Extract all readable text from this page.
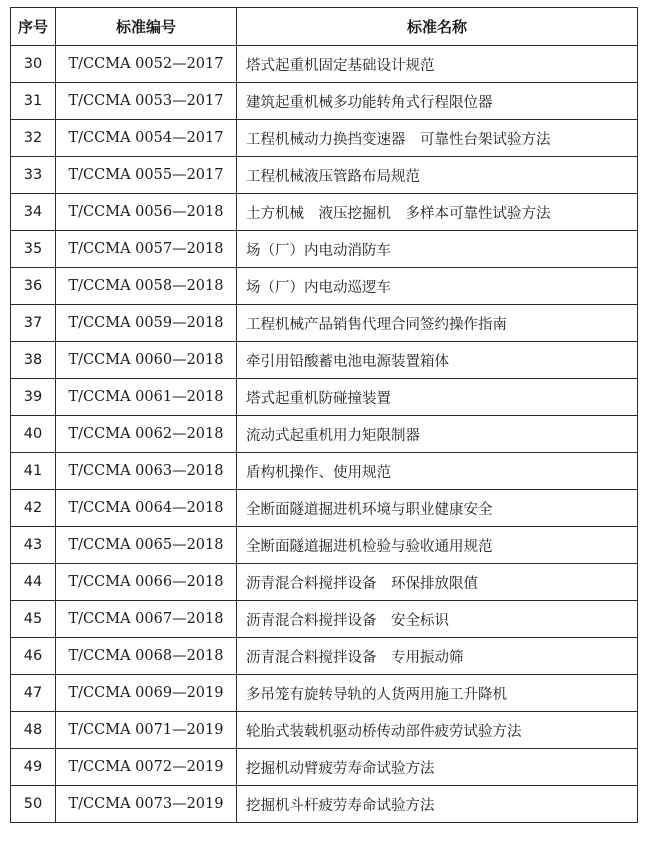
序号	标准编号	标准名称
30	T/CCMA 0052—2017	塔式起重机固定基础设计规范
31	T/CCMA 0053—2017	建筑起重机械多功能转角式行程限位器
32	T/CCMA 0054—2017	工程机械动力换挡变速器　可靠性台架试验方法
33	T/CCMA 0055—2017	工程机械液压管路布局规范
34	T/CCMA 0056—2018	土方机械　液压挖掘机　多样本可靠性试验方法
35	T/CCMA 0057—2018	场（厂）内电动消防车
36	T/CCMA 0058—2018	场（厂）内电动巡逻车
37	T/CCMA 0059—2018	工程机械产品销售代理合同签约操作指南
38	T/CCMA 0060—2018	牵引用铅酸蓄电池电源装置箱体
39	T/CCMA 0061—2018	塔式起重机防碰撞装置
40	T/CCMA 0062—2018	流动式起重机用力矩限制器
41	T/CCMA 0063—2018	盾构机操作、使用规范
42	T/CCMA 0064—2018	全断面隧道掘进机环境与职业健康安全
43	T/CCMA 0065—2018	全断面隧道掘进机检验与验收通用规范
44	T/CCMA 0066—2018	沥青混合料搅拌设备　环保排放限值
45	T/CCMA 0067—2018	沥青混合料搅拌设备　安全标识
46	T/CCMA 0068—2018	沥青混合料搅拌设备　专用振动筛
47	T/CCMA 0069—2019	多吊笼有旋转导轨的人货两用施工升降机
48	T/CCMA 0071—2019	轮胎式装载机驱动桥传动部件疲劳试验方法
49	T/CCMA 0072—2019	挖掘机动臂疲劳寿命试验方法
50	T/CCMA 0073—2019	挖掘机斗杆疲劳寿命试验方法
